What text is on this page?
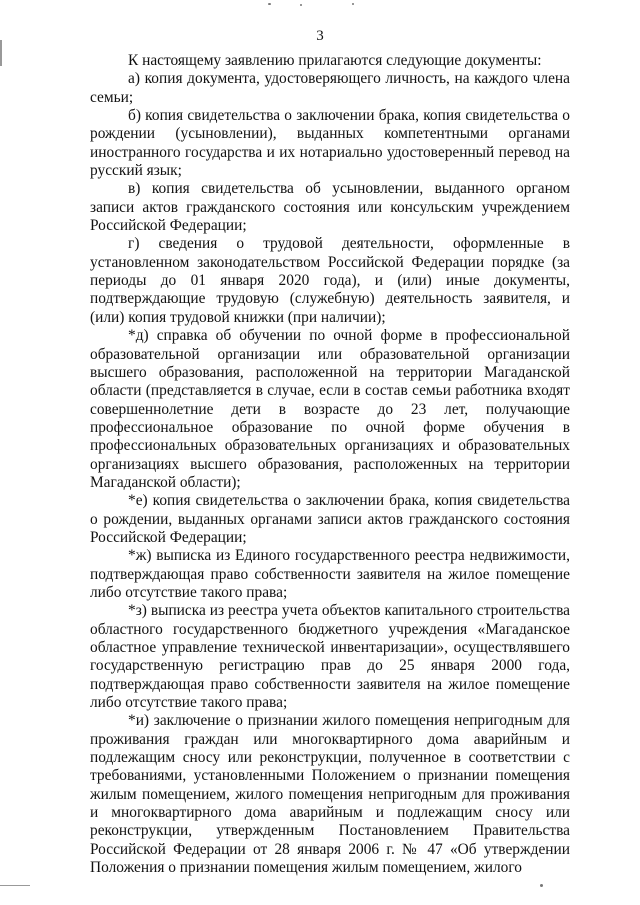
3

К настоящему заявлению прилагаются следующие документы:

а) копия документа, удостоверяющего личность, на каждого члена семьи;

б) копия свидетельства о заключении брака, копия свидетельства о рождении (усыновлении), выданных компетентными органами иностранного государства и их нотариально удостоверенный перевод на русский язык;

в) копия свидетельства об усыновлении, выданного органом записи актов гражданского состояния или консульским учреждением Российской Федерации;

г) сведения о трудовой деятельности, оформленные в установленном законодательством Российской Федерации порядке (за периоды до 01 января 2020 года), и (или) иные документы, подтверждающие трудовую (служебную) деятельность заявителя, и (или) копия трудовой книжки (при наличии);

*д) справка об обучении по очной форме в профессиональной образовательной организации или образовательной организации высшего образования, расположенной на территории Магаданской области (представляется в случае, если в состав семьи работника входят совершеннолетние дети в возрасте до 23 лет, получающие профессиональное образование по очной форме обучения в профессиональных образовательных организациях и образовательных организациях высшего образования, расположенных на территории Магаданской области);

*е) копия свидетельства о заключении брака, копия свидетельства о рождении, выданных органами записи актов гражданского состояния Российской Федерации;

*ж) выписка из Единого государственного реестра недвижимости, подтверждающая право собственности заявителя на жилое помещение либо отсутствие такого права;

*з) выписка из реестра учета объектов капитального строительства областного государственного бюджетного учреждения «Магаданское областное управление технической инвентаризации», осуществлявшего государственную регистрацию прав до 25 января 2000 года, подтверждающая право собственности заявителя на жилое помещение либо отсутствие такого права;

*и) заключение о признании жилого помещения непригодным для проживания граждан или многоквартирного дома аварийным и подлежащим сносу или реконструкции, полученное в соответствии с требованиями, установленными Положением о признании помещения жилым помещением, жилого помещения непригодным для проживания и многоквартирного дома аварийным и подлежащим сносу или реконструкции, утвержденным Постановлением Правительства Российской Федерации от 28 января 2006 г. № 47 «Об утверждении Положения о признании помещения жилым помещением, жилого
